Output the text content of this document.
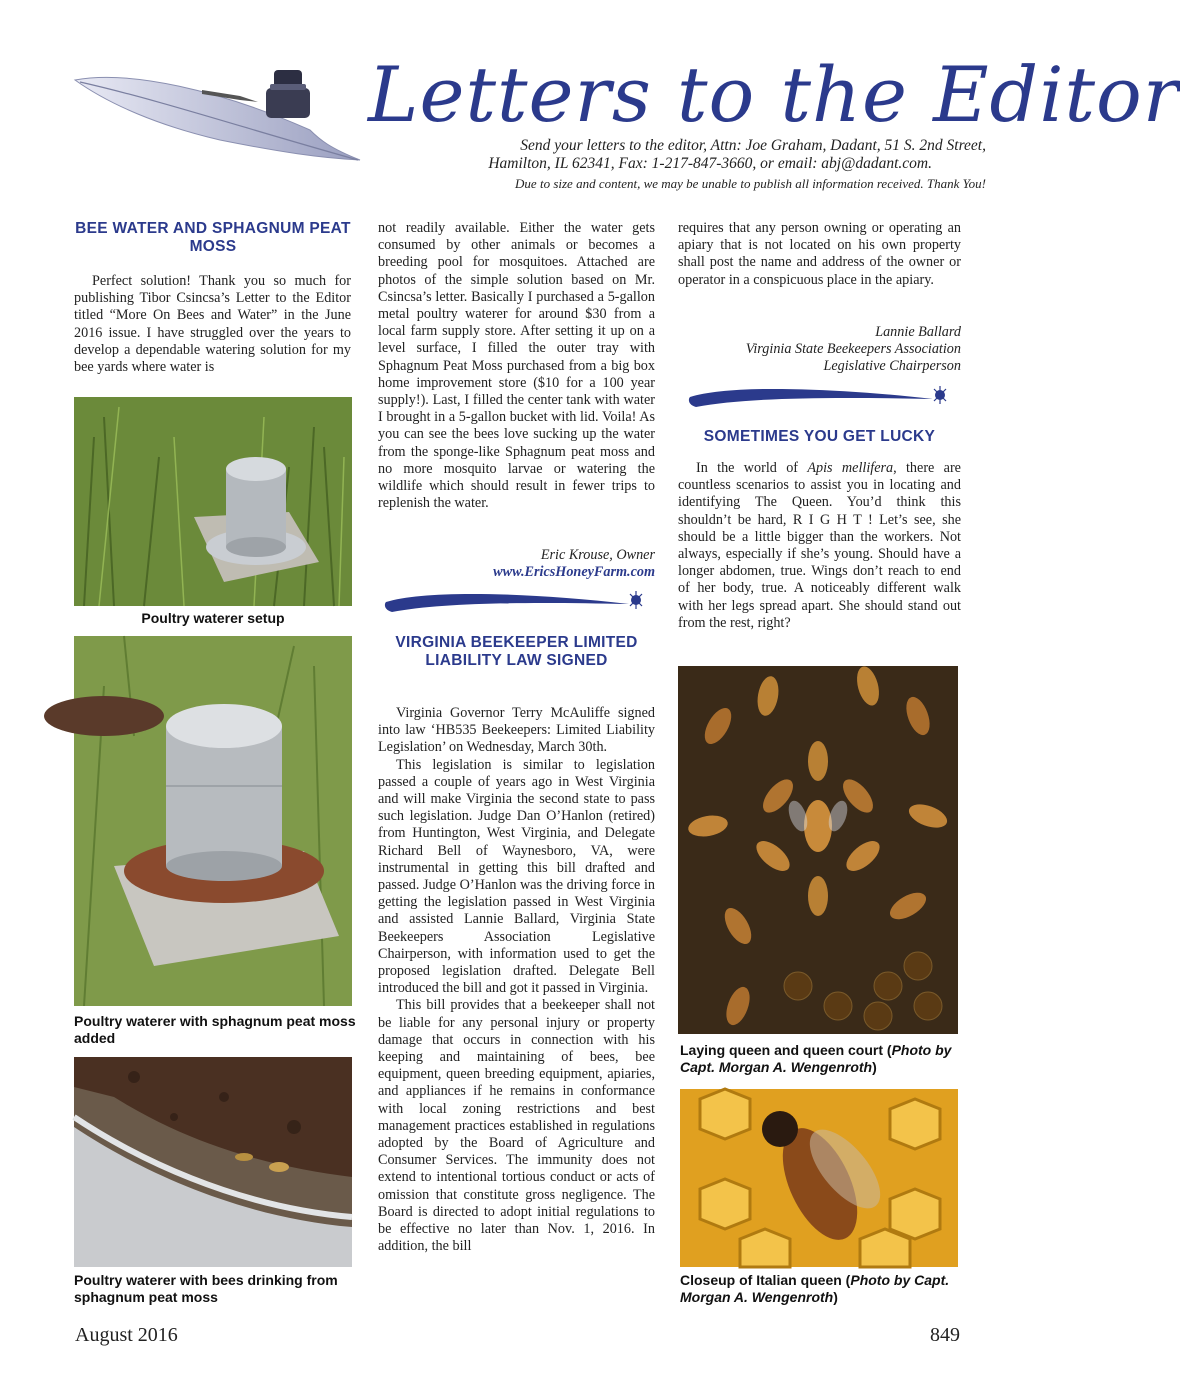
Letters to the Editor
Send your letters to the editor, Attn: Joe Graham, Dadant, 51 S. 2nd Street,
Hamilton, IL 62341, Fax: 1-217-847-3660, or email: abj@dadant.com.
Due to size and content, we may be unable to publish all information received. Thank You!
BEE WATER AND SPHAGNUM PEAT MOSS

Perfect solution! Thank you so much for publishing Tibor Csincsa’s Letter to the Editor titled “More On Bees and Water” in the June 2016 issue. I have struggled over the years to develop a dependable watering solution for my bee yards where water is

Poultry waterer setup
Poultry waterer with sphagnum peat moss added
Poultry waterer with bees drinking from sphagnum peat moss

not readily available. Either the water gets consumed by other animals or becomes a breeding pool for mosquitoes. Attached are photos of the simple solution based on Mr. Csincsa’s letter. Basically I purchased a 5-gallon metal poultry waterer for around $30 from a local farm supply store. After setting it up on a level surface, I filled the outer tray with Sphagnum Peat Moss purchased from a big box home improvement store ($10 for a 100 year supply!). Last, I filled the center tank with water I brought in a 5-gallon bucket with lid. Voila! As you can see the bees love sucking up the water from the sponge-like Sphagnum peat moss and no more mosquito larvae or watering the wildlife which should result in fewer trips to replenish the water.

Eric Krouse, Owner
www.EricsHoneyFarm.com
VIRGINIA BEEKEEPER LIMITED LIABILITY LAW SIGNED

Virginia Governor Terry McAuliffe signed into law ‘HB535 Beekeepers: Limited Liability Legislation’ on Wednesday, March 30th.

This legislation is similar to legislation passed a couple of years ago in West Virginia and will make Virginia the second state to pass such legislation. Judge Dan O’Hanlon (retired) from Huntington, West Virginia, and Delegate Richard Bell of Waynesboro, VA, were instrumental in getting this bill drafted and passed. Judge O’Hanlon was the driving force in getting the legislation passed in West Virginia and assisted Lannie Ballard, Virginia State Beekeepers Association Legislative Chairperson, with information used to get the proposed legislation drafted. Delegate Bell introduced the bill and got it passed in Virginia.

This bill provides that a beekeeper shall not be liable for any personal injury or property damage that occurs in connection with his keeping and maintaining of bees, bee equipment, queen breeding equipment, apiaries, and appliances if he remains in conformance with local zoning restrictions and best management practices established in regulations adopted by the Board of Agriculture and Consumer Services. The immunity does not extend to intentional tortious conduct or acts of omission that constitute gross negligence. The Board is directed to adopt initial regulations to be effective no later than Nov. 1, 2016. In addition, the bill

requires that any person owning or operating an apiary that is not located on his own property shall post the name and address of the owner or operator in a conspicuous place in the apiary.

Lannie Ballard
Virginia State Beekeepers Association
Legislative Chairperson
SOMETIMES YOU GET LUCKY

In the world of Apis mellifera, there are countless scenarios to assist you in locating and identifying The Queen. You’d think this shouldn’t be hard, R I G H T ! Let’s see, she should be a little bigger than the workers. Not always, especially if she’s young. Should have a longer abdomen, true. Wings don’t reach to end of her body, true. A noticeably different walk with her legs spread apart. She should stand out from the rest, right?

Laying queen and queen court (Photo by Capt. Morgan A. Wengenroth)
Closeup of Italian queen (Photo by Capt. Morgan A. Wengenroth)
August 2016	849
